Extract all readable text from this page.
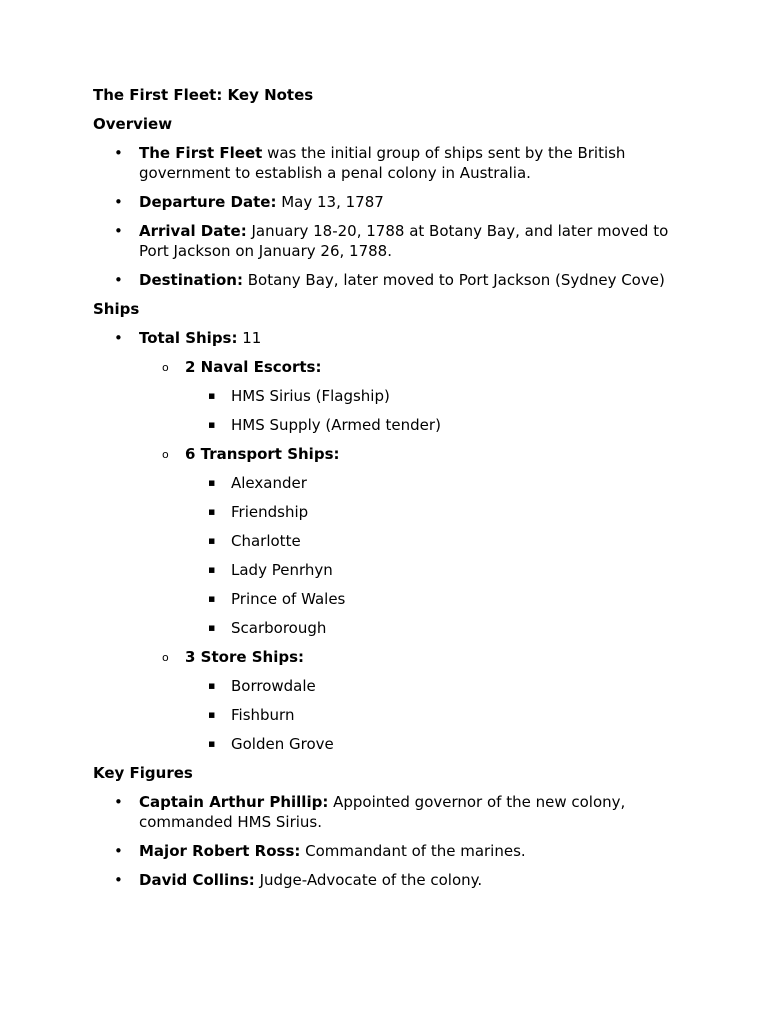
The First Fleet: Key Notes
Overview
•
The First Fleet was the initial group of ships sent by the British government to establish a penal colony in Australia.
•
Departure Date: May 13, 1787
•
Arrival Date: January 18-20, 1788 at Botany Bay, and later moved to Port Jackson on January 26, 1788.
•
Destination: Botany Bay, later moved to Port Jackson (Sydney Cove)
Ships
•
Total Ships: 11
o
2 Naval Escorts:
▪
HMS Sirius (Flagship)
▪
HMS Supply (Armed tender)
o
6 Transport Ships:
▪
Alexander
▪
Friendship
▪
Charlotte
▪
Lady Penrhyn
▪
Prince of Wales
▪
Scarborough
o
3 Store Ships:
▪
Borrowdale
▪
Fishburn
▪
Golden Grove
Key Figures
•
Captain Arthur Phillip: Appointed governor of the new colony, commanded HMS Sirius.
•
Major Robert Ross: Commandant of the marines.
•
David Collins: Judge-Advocate of the colony.
